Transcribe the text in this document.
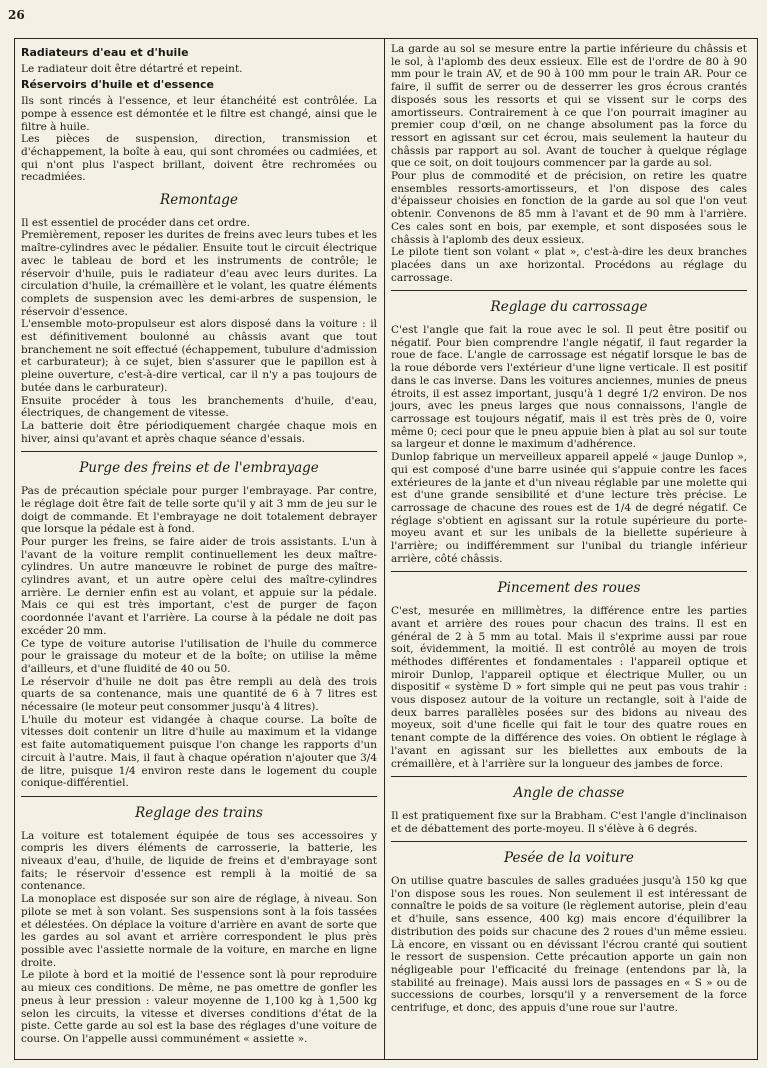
26
Radiateurs d'eau et d'huile

Le radiateur doit être détartré et repeint.

Réservoirs d'huile et d'essence

Ils sont rincés à l'essence, et leur étanchéité est contrôlée. La pompe à essence est démontée et le filtre est changé, ainsi que le filtre à huile.

Les pièces de suspension, direction, transmission et d'échappement, la boîte à eau, qui sont chromées ou cadmiées, et qui n'ont plus l'aspect brillant, doivent être rechromées ou recadmiées.

Remontage

Il est essentiel de procéder dans cet ordre.

Premièrement, reposer les durites de freins avec leurs tubes et les maître-cylindres avec le pédalier. Ensuite tout le circuit électrique avec le tableau de bord et les instruments de contrôle; le réservoir d'huile, puis le radiateur d'eau avec leurs durites. La circulation d'huile, la crémaillère et le volant, les quatre éléments complets de suspension avec les demi-arbres de suspension, le réservoir d'essence.

L'ensemble moto-propulseur est alors disposé dans la voiture : il est définitivement boulonné au châssis avant que tout branchement ne soit effectué (échappement, tubulure d'admission et carburateur); à ce sujet, bien s'assurer que le papillon est à pleine ouverture, c'est-à-dire vertical, car il n'y a pas toujours de butée dans le carburateur).

Ensuite procéder à tous les branchements d'huile, d'eau, électriques, de changement de vitesse.

La batterie doit être périodiquement chargée chaque mois en hiver, ainsi qu'avant et après chaque séance d'essais.

Purge des freins et de l'embrayage

Pas de précaution spéciale pour purger l'embrayage. Par contre, le réglage doit être fait de telle sorte qu'il y ait 3 mm de jeu sur le doigt de commande. Et l'embrayage ne doit totalement debrayer que lorsque la pédale est à fond.

Pour purger les freins, se faire aider de trois assistants. L'un à l'avant de la voiture remplit continuellement les deux maître-cylindres. Un autre manœuvre le robinet de purge des maître-cylindres avant, et un autre opère celui des maître-cylindres arrière. Le dernier enfin est au volant, et appuie sur la pédale. Mais ce qui est très important, c'est de purger de façon coordonnée l'avant et l'arrière. La course à la pédale ne doit pas excéder 20 mm.

Ce type de voiture autorise l'utilisation de l'huile du commerce pour le graissage du moteur et de la boîte; on utilise la même d'ailleurs, et d'une fluidité de 40 ou 50.

Le réservoir d'huile ne doit pas être rempli au delà des trois quarts de sa contenance, mais une quantité de 6 à 7 litres est nécessaire (le moteur peut consommer jusqu'à 4 litres).

L'huile du moteur est vidangée à chaque course. La boîte de vitesses doit contenir un litre d'huile au maximum et la vidange est faite automatiquement puisque l'on change les rapports d'un circuit à l'autre. Mais, il faut à chaque opération n'ajouter que 3/4 de litre, puisque 1/4 environ reste dans le logement du couple conique-différentiel.

Reglage des trains

La voiture est totalement équipée de tous ses accessoires y compris les divers éléments de carrosserie, la batterie, les niveaux d'eau, d'huile, de liquide de freins et d'embrayage sont faits; le réservoir d'essence est rempli à la moitié de sa contenance.

La monoplace est disposée sur son aire de réglage, à niveau. Son pilote se met à son volant. Ses suspensions sont à la fois tassées et délestées. On déplace la voiture d'arrière en avant de sorte que les gardes au sol avant et arrière correspondent le plus près possible avec l'assiette normale de la voiture, en marche en ligne droite.

Le pilote à bord et la moitié de l'essence sont là pour reproduire au mieux ces conditions. De même, ne pas omettre de gonfler les pneus à leur pression : valeur moyenne de 1,100 kg à 1,500 kg selon les circuits, la vitesse et diverses conditions d'état de la piste. Cette garde au sol est la base des réglages d'une voiture de course. On l'appelle aussi communément « assiette ».

La garde au sol se mesure entre la partie inférieure du châssis et le sol, à l'aplomb des deux essieux. Elle est de l'ordre de 80 à 90 mm pour le train AV, et de 90 à 100 mm pour le train AR. Pour ce faire, il suffit de serrer ou de desserrer les gros écrous crantés disposés sous les ressorts et qui se vissent sur le corps des amortisseurs. Contrairement à ce que l'on pourrait imaginer au premier coup d'œil, on ne change absolument pas la force du ressort en agissant sur cet écrou, mais seulement la hauteur du châssis par rapport au sol. Avant de toucher à quelque réglage que ce soit, on doit toujours commencer par la garde au sol.

Pour plus de commodité et de précision, on retire les quatre ensembles ressorts-amortisseurs, et l'on dispose des cales d'épaisseur choisies en fonction de la garde au sol que l'on veut obtenir. Convenons de 85 mm à l'avant et de 90 mm à l'arrière. Ces cales sont en bois, par exemple, et sont disposées sous le châssis à l'aplomb des deux essieux.

Le pilote tient son volant « plat », c'est-à-dire les deux branches placées dans un axe horizontal. Procédons au réglage du carrossage.

Reglage du carrossage

C'est l'angle que fait la roue avec le sol. Il peut être positif ou négatif. Pour bien comprendre l'angle négatif, il faut regarder la roue de face. L'angle de carrossage est négatif lorsque le bas de la roue déborde vers l'extérieur d'une ligne verticale. Il est positif dans le cas inverse. Dans les voitures anciennes, munies de pneus étroits, il est assez important, jusqu'à 1 degré 1/2 environ. De nos jours, avec les pneus larges que nous connaissons, l'angle de carrossage est toujours négatif, mais il est très près de 0, voire même 0; ceci pour que le pneu appuie bien à plat au sol sur toute sa largeur et donne le maximum d'adhérence.

Dunlop fabrique un merveilleux appareil appelé « jauge Dunlop », qui est composé d'une barre usinée qui s'appuie contre les faces extérieures de la jante et d'un niveau réglable par une molette qui est d'une grande sensibilité et d'une lecture très précise. Le carrossage de chacune des roues est de 1/4 de degré négatif. Ce réglage s'obtient en agissant sur la rotule supérieure du porte-moyeu avant et sur les unibals de la biellette supérieure à l'arrière; ou indifféremment sur l'unibal du triangle inférieur arrière, côté châssis.

Pincement des roues

C'est, mesurée en millimètres, la différence entre les parties avant et arrière des roues pour chacun des trains. Il est en général de 2 à 5 mm au total. Mais il s'exprime aussi par roue soit, évidemment, la moitié. Il est contrôlé au moyen de trois méthodes différentes et fondamentales : l'appareil optique et miroir Dunlop, l'appareil optique et électrique Muller, ou un dispositif « système D » fort simple qui ne peut pas vous trahir : vous disposez autour de la voiture un rectangle, soit à l'aide de deux barres parallèles posées sur des bidons au niveau des moyeux, soit d'une ficelle qui fait le tour des quatre roues en tenant compte de la différence des voies. On obtient le réglage à l'avant en agissant sur les biellettes aux embouts de la crémaillère, et à l'arrière sur la longueur des jambes de force.

Angle de chasse

Il est pratiquement fixe sur la Brabham. C'est l'angle d'inclinaison et de débattement des porte-moyeu. Il s'élève à 6 degrés.

Pesée de la voiture

On utilise quatre bascules de salles graduées jusqu'à 150 kg que l'on dispose sous les roues. Non seulement il est intéressant de connaître le poids de sa voiture (le règlement autorise, plein d'eau et d'huile, sans essence, 400 kg) mais encore d'équilibrer la distribution des poids sur chacune des 2 roues d'un même essieu. Là encore, en vissant ou en dévissant l'écrou cranté qui soutient le ressort de suspension. Cette précaution apporte un gain non négligeable pour l'efficacité du freinage (entendons par là, la stabilité au freinage). Mais aussi lors de passages en « S » ou de successions de courbes, lorsqu'il y a renversement de la force centrifuge, et donc, des appuis d'une roue sur l'autre.
